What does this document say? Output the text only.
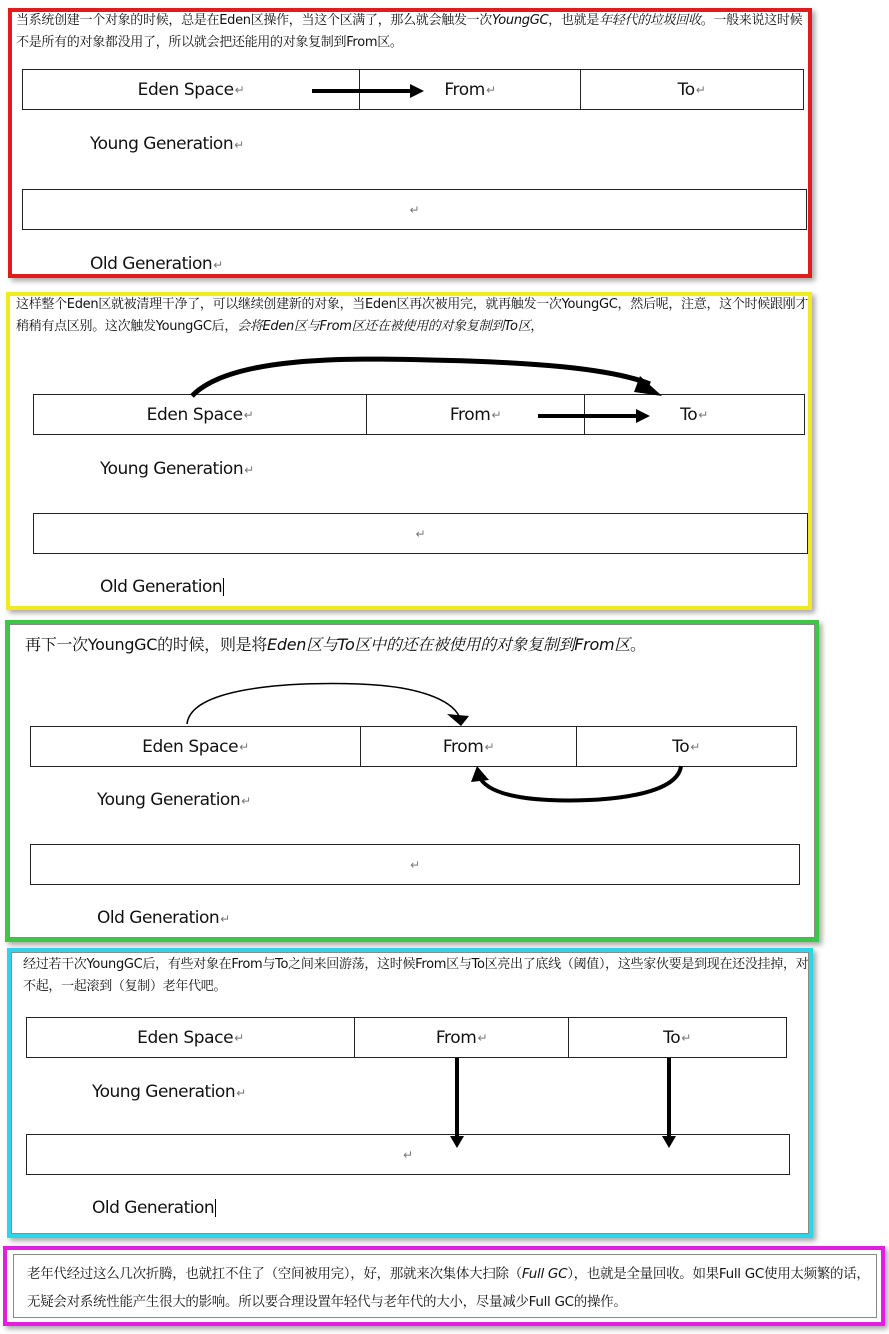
当系统创建一个对象的时候，总是在Eden区操作，当这个区满了，那么就会触发一次YoungGC，也就是年轻代的垃圾回收。一般来说这时候不是所有的对象都没用了，所以就会把还能用的对象复制到From区。

Eden Space ↵	From ↵	To ↵
Young Generation↵
↵
Old Generation↵

这样整个Eden区就被清理干净了，可以继续创建新的对象，当Eden区再次被用完，就再触发一次YoungGC，然后呢，注意，这个时候跟刚才稍稍有点区别。这次触发YoungGC后，会将Eden区与From区还在被使用的对象复制到To区，

Eden Space ↵	From ↵	To ↵
Young Generation↵
↵
Old Generation

再下一次YoungGC的时候，则是将Eden区与To区中的还在被使用的对象复制到From区。

Eden Space ↵	From ↵	To ↵
Young Generation↵
↵
Old Generation↵

经过若干次YoungGC后，有些对象在From与To之间来回游荡，这时候From区与To区亮出了底线（阈值），这些家伙要是到现在还没挂掉，对不起，一起滚到（复制）老年代吧。

Eden Space ↵	From ↵	To ↵
Young Generation↵
↵
Old Generation

老年代经过这么几次折腾，也就扛不住了（空间被用完），好，那就来次集体大扫除（Full GC），也就是全量回收。如果Full GC使用太频繁的话，无疑会对系统性能产生很大的影响。所以要合理设置年轻代与老年代的大小，尽量减少Full GC的操作。
